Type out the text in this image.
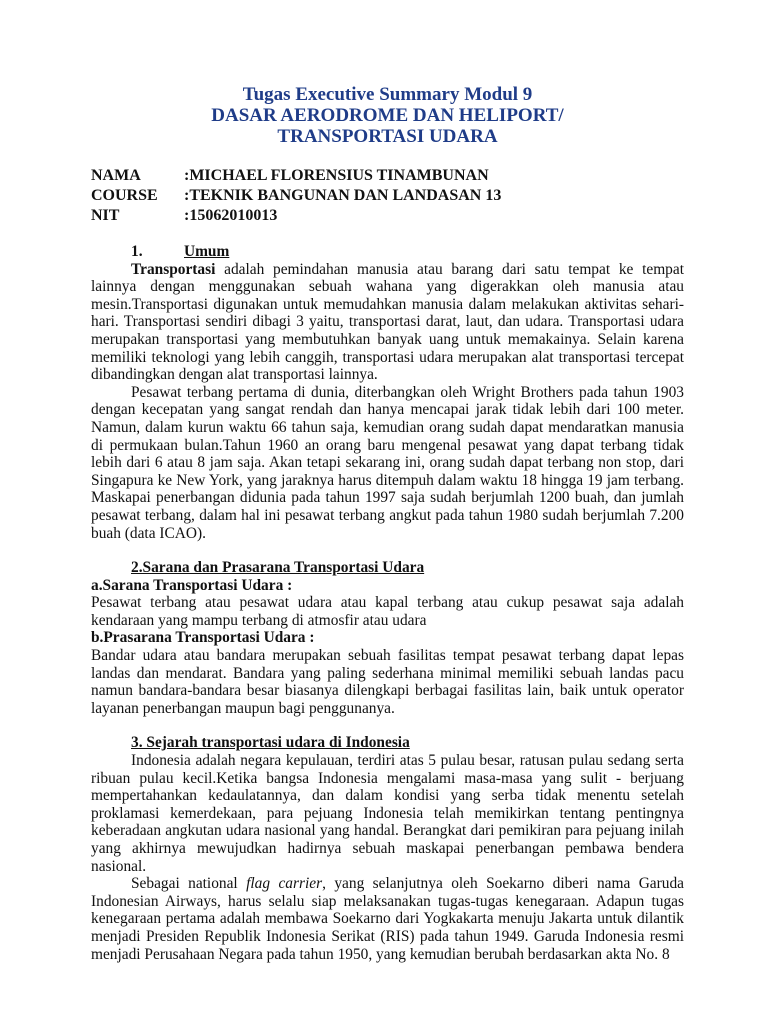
Tugas Executive Summary Modul 9
DASAR AERODROME DAN HELIPORT/
TRANSPORTASI UDARA
NAMA	:MICHAEL FLORENSIUS TINAMBUNAN
COURSE	:TEKNIK BANGUNAN DAN LANDASAN 13
NIT	:15062010013
1.	Umum

Transportasi adalah pemindahan manusia atau barang dari satu tempat ke tempat lainnya dengan menggunakan sebuah wahana yang digerakkan oleh manusia atau mesin.Transportasi digunakan untuk memudahkan manusia dalam melakukan aktivitas sehari-hari. Transportasi sendiri dibagi 3 yaitu, transportasi darat, laut, dan udara. Transportasi udara merupakan transportasi yang membutuhkan banyak uang untuk memakainya. Selain karena memiliki teknologi yang lebih canggih, transportasi udara merupakan alat transportasi tercepat dibandingkan dengan alat transportasi lainnya.

Pesawat terbang pertama di dunia, diterbangkan oleh Wright Brothers pada tahun 1903 dengan kecepatan yang sangat rendah dan hanya mencapai jarak tidak lebih dari 100 meter. Namun, dalam kurun waktu 66 tahun saja, kemudian orang sudah dapat mendaratkan manusia di permukaan bulan.Tahun 1960 an orang baru mengenal pesawat yang dapat terbang tidak lebih dari 6 atau 8 jam saja. Akan tetapi sekarang ini, orang sudah dapat terbang non stop, dari Singapura ke New York, yang jaraknya harus ditempuh dalam waktu 18 hingga 19 jam terbang. Maskapai penerbangan didunia pada tahun 1997 saja sudah berjumlah 1200 buah, dan jumlah pesawat terbang, dalam hal ini pesawat terbang angkut pada tahun 1980 sudah berjumlah 7.200 buah (data ICAO).

2.Sarana dan Prasarana Transportasi Udara
a.Sarana Transportasi Udara :

Pesawat terbang atau pesawat udara atau kapal terbang atau cukup pesawat saja adalah kendaraan yang mampu terbang di atmosfir atau udara

b.Prasarana Transportasi Udara :

Bandar udara atau bandara merupakan sebuah fasilitas tempat pesawat terbang dapat lepas landas dan mendarat. Bandara yang paling sederhana minimal memiliki sebuah landas pacu namun bandara-bandara besar biasanya dilengkapi berbagai fasilitas lain, baik untuk operator layanan penerbangan maupun bagi penggunanya.

3. Sejarah transportasi udara di Indonesia

Indonesia adalah negara kepulauan, terdiri atas 5 pulau besar, ratusan pulau sedang serta ribuan pulau kecil.Ketika bangsa Indonesia mengalami masa-masa yang sulit - berjuang mempertahankan kedaulatannya, dan dalam kondisi yang serba tidak menentu setelah proklamasi kemerdekaan, para pejuang Indonesia telah memikirkan tentang pentingnya keberadaan angkutan udara nasional yang handal. Berangkat dari pemikiran para pejuang inilah yang akhirnya mewujudkan hadirnya sebuah maskapai penerbangan pembawa bendera nasional.

Sebagai national flag carrier, yang selanjutnya oleh Soekarno diberi nama Garuda Indonesian Airways, harus selalu siap melaksanakan tugas-tugas kenegaraan. Adapun tugas kenegaraan pertama adalah membawa Soekarno dari Yogkakarta menuju Jakarta untuk dilantik menjadi Presiden Republik Indonesia Serikat (RIS) pada tahun 1949. Garuda Indonesia resmi menjadi Perusahaan Negara pada tahun 1950, yang kemudian berubah berdasarkan akta No. 8
